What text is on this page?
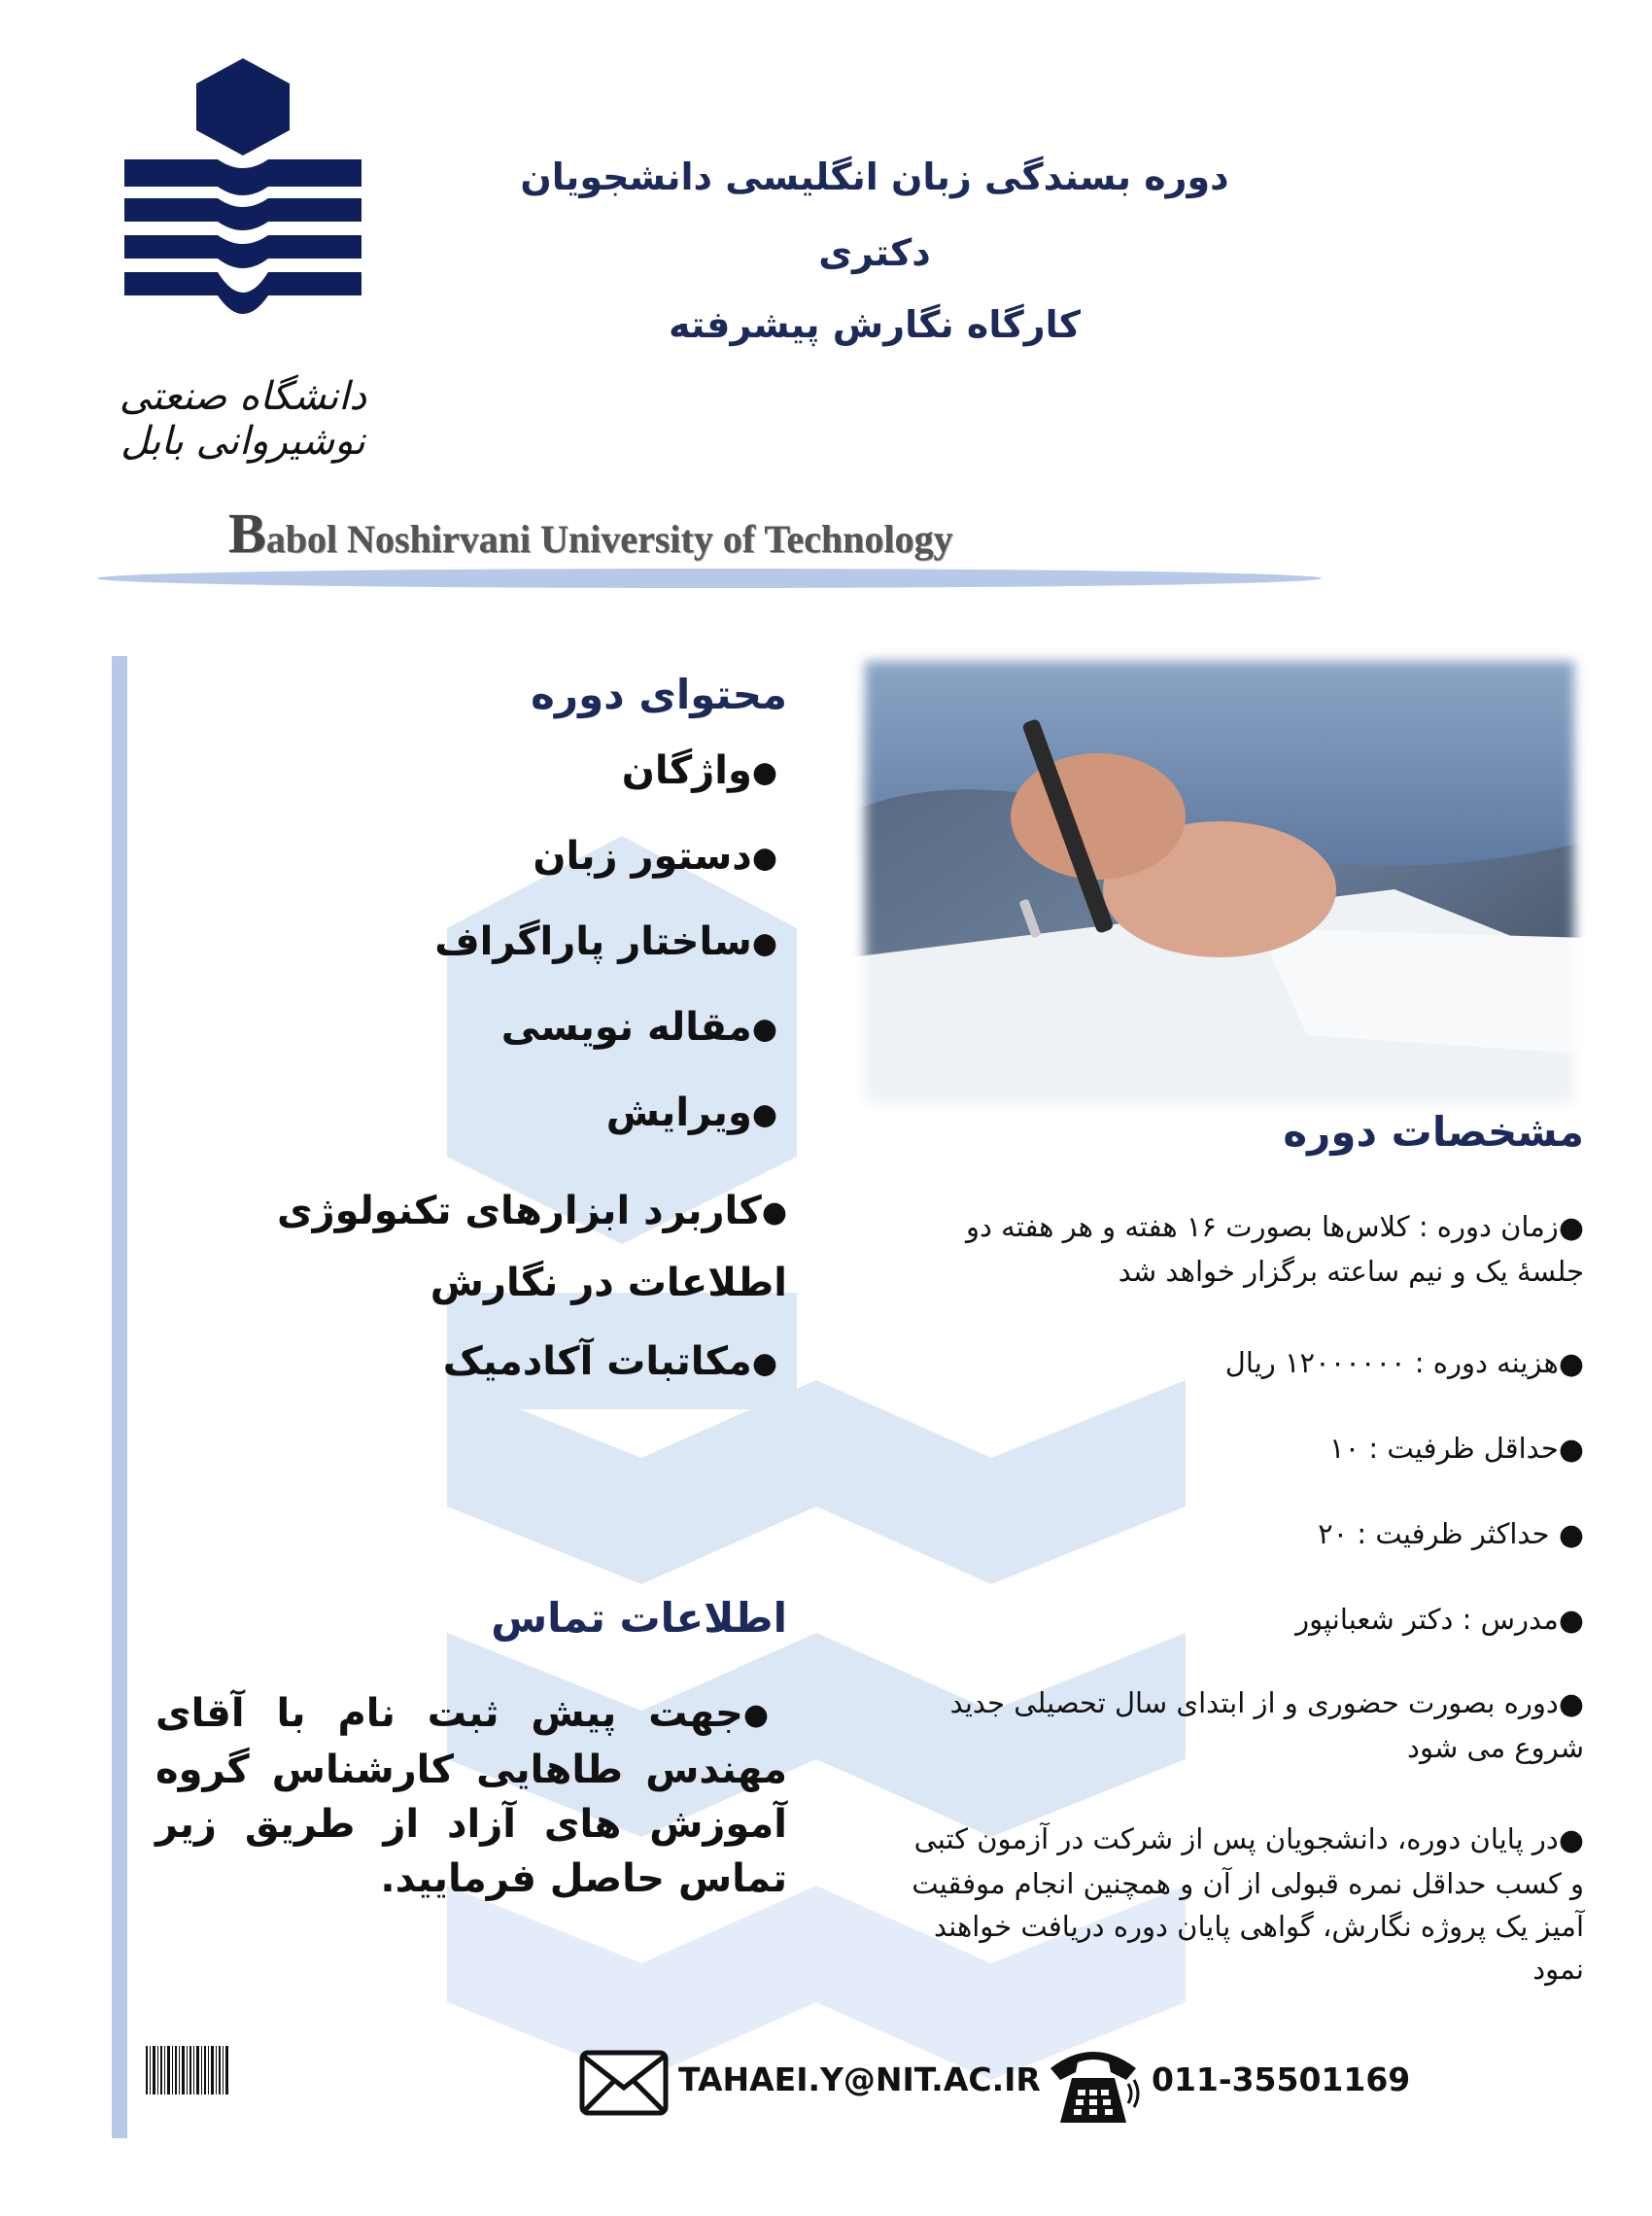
دانشگاه صنعتی نوشیروانی بابل
دوره بسندگی زبان انگلیسی دانشجویان
دکتری
کارگاه نگارش پیشرفته
Babol Noshirvani University of Technology
محتوای دوره
●واژگان
●دستور زبان
●ساختار پاراگراف
●مقاله نویسی
●ویرایش
●کاربرد ابزارهای تکنولوژی اطلاعات در نگارش
●مکاتبات آکادمیک
مشخصات دوره
●زمان دوره : کلاس‌ها بصورت ۱۶ هفته و هر هفته دو جلسهٔ یک و نیم ساعته برگزار خواهد شد
●هزینه دوره : ۱۲۰۰۰۰۰۰ ریال
●حداقل ظرفیت : ۱۰
● حداکثر ظرفیت : ۲۰
●مدرس : دکتر شعبانپور
●دوره بصورت حضوری و از ابتدای سال تحصیلی جدید شروع می شود
●در پایان دوره، دانشجویان پس از شرکت در آزمون کتبی و کسب حداقل نمره قبولی از آن و همچنین انجام موفقیت آمیز یک پروژه نگارش، گواهی پایان دوره دریافت خواهند نمود
اطلاعات تماس
●جهت پیش ثبت نام با آقای مهندس طاهایی کارشناس گروه آموزش های آزاد از طریق زیر تماس حاصل فرمایید.
TAHAEI.Y@NIT.AC.IR	011-35501169
